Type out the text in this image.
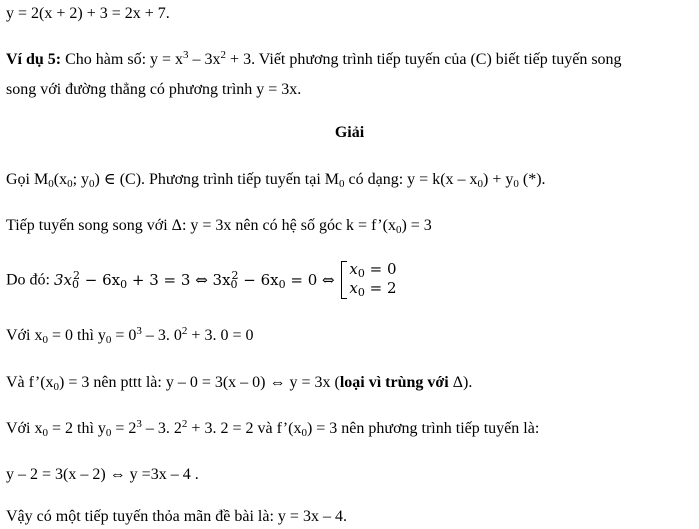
y = 2(x + 2) + 3 = 2x + 7.
Ví dụ 5: Cho hàm số: $y = x^3 - 3x^2 + 3$. Viết phương trình tiếp tuyến của (C) biết tiếp tuyến song
song với đường thẳng có phương trình y = 3x.
Giải
Gọi $M_0(x_0$; $y_0$) ∈ (C). Phương trình tiếp tuyến tại $M_0$ có dạng: $y = k(x - x_0) + y_0$ (*).
Tiếp tuyến song song với Δ: y = 3x nên có hệ số góc $k = f’(x_0) = 3$
Do đó: $3x_0^2 - 6x_0 + 3 = 3$ ⇔ $3x_0^2 - 6x_0 = 0$ ⇔
$x_0 = 0$
$x_0 = 2$
Với $x_0 = 0$ thì $y_0 = 0^3 - 3$. $0^2 + 3$. 0 = 0
Và $f’(x_0) = 3$ nên pttt là: y – 0 = 3(x – 0) ⇔ y = 3x (loại vì trùng với Δ).
Với $x_0 = 2$ thì $y_0 = 2^3 - 3$. $2^2 + 3$. 2 = 2 và $f’(x_0) = 3$ nên phương trình tiếp tuyến là:
y – 2 = 3(x – 2) ⇔ y =3x – 4 .
Vậy có một tiếp tuyến thỏa mãn đề bài là: y = 3x – 4.
